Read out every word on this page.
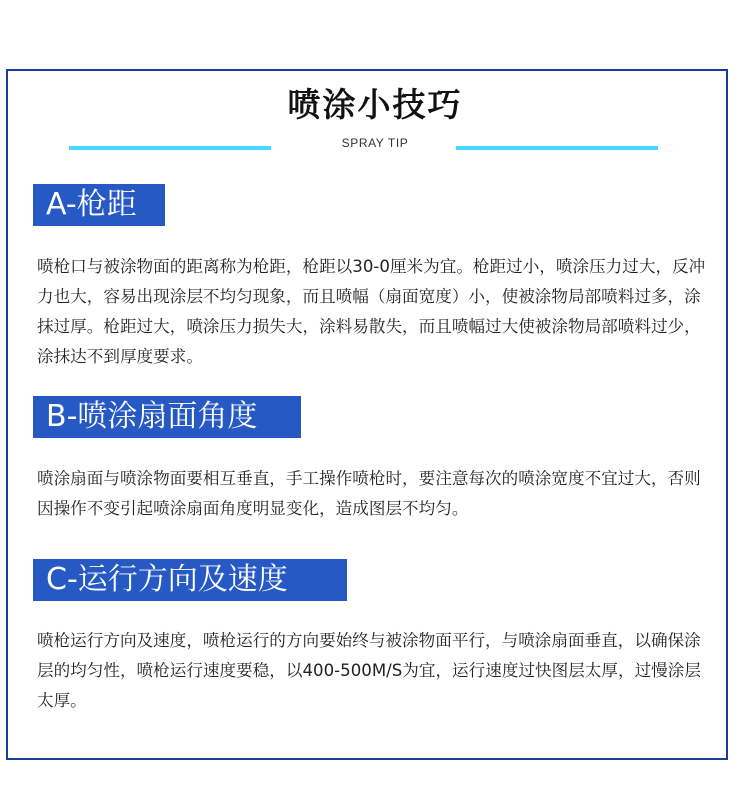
喷涂小技巧
SPRAY TIP
A-枪距

喷枪口与被涂物面的距离称为枪距，枪距以30-0厘米为宜。枪距过小，喷涂压力过大，反冲力也大，容易出现涂层不均匀现象，而且喷幅（扇面宽度）小，使被涂物局部喷料过多，涂抹过厚。枪距过大，喷涂压力损失大，涂料易散失，而且喷幅过大使被涂物局部喷料过少，涂抹达不到厚度要求。

B-喷涂扇面角度

喷涂扇面与喷涂物面要相互垂直，手工操作喷枪时，要注意每次的喷涂宽度不宜过大，否则因操作不变引起喷涂扇面角度明显变化，造成图层不均匀。

C-运行方向及速度

喷枪运行方向及速度，喷枪运行的方向要始终与被涂物面平行，与喷涂扇面垂直，以确保涂层的均匀性，喷枪运行速度要稳，以400-500M/S为宜，运行速度过快图层太厚，过慢涂层太厚。
